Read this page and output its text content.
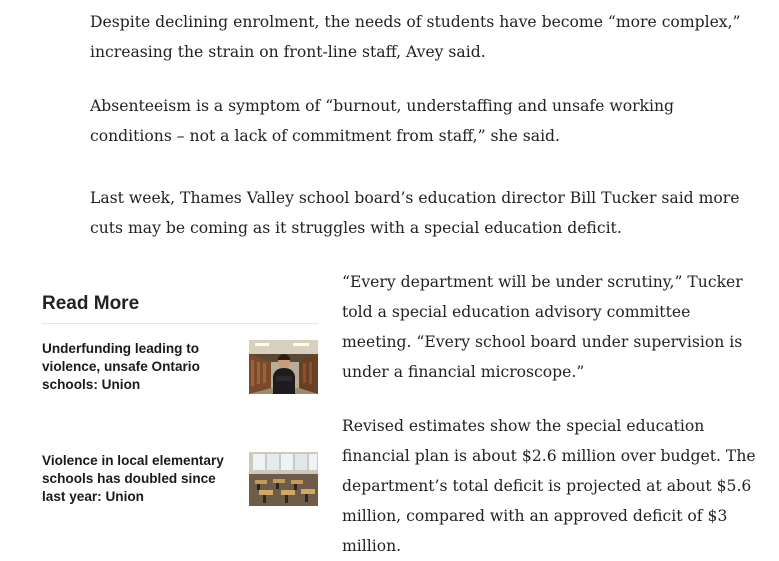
Despite declining enrolment, the needs of students have become “more complex,” increasing the strain on front-line staff, Avey said.

Absenteeism is a symptom of “burnout, understaffing and unsafe working conditions – not a lack of commitment from staff,” she said.

Last week, Thames Valley school board’s education director Bill Tucker said more cuts may be coming as it struggles with a special education deficit.

Read More

Underfunding leading to violence, unsafe Ontario schools: Union

Violence in local elementary schools has doubled since last year: Union

“Every department will be under scrutiny,” Tucker told a special education advisory committee meeting. “Every school board under supervision is under a financial microscope.”

Revised estimates show the special education financial plan is about $2.6 million over budget. The department’s total deficit is projected at about $5.6 million, compared with an approved deficit of $3 million.
